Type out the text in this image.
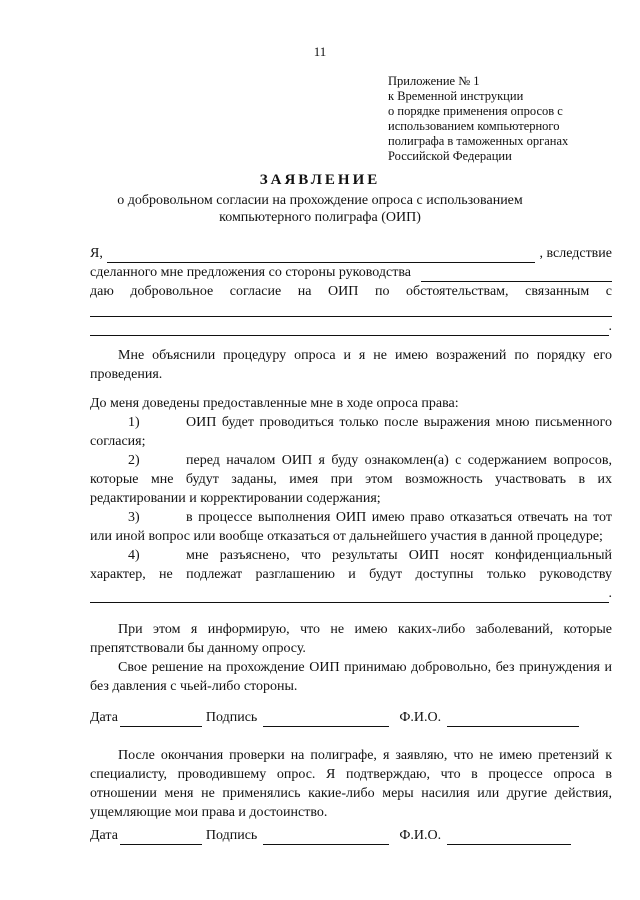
11
Приложение № 1
к Временной инструкции
о порядке применения опросов с
использованием компьютерного
полиграфа в таможенных органах
Российской Федерации
ЗАЯВЛЕНИЕ
о добровольном согласии на прохождение опроса с использованием
компьютерного полиграфа (ОИП)
Я,	, вследствие
сделанного мне предложения со стороны руководства
даю добровольное согласие на ОИП по обстоятельствам, связанным с
.
Мне объяснили процедуру опроса и я не имею возражений по порядку его проведения.
До меня доведены предоставленные мне в ходе опроса права:
1)	ОИП будет проводиться только после выражения мною письменного согласия;
2)	перед началом ОИП я буду ознакомлен(а) с содержанием вопросов, которые мне будут заданы, имея при этом возможность участвовать в их редактировании и корректировании содержания;
3)	в процессе выполнения ОИП имею право отказаться отвечать на тот или иной вопрос или вообще отказаться от дальнейшего участия в данной процедуре;
4)	мне разъяснено, что результаты ОИП носят конфиденциальный характер, не подлежат разглашению и будут доступны только руководству
.
При этом я информирую, что не имею каких-либо заболеваний, которые препятствовали бы данному опросу.
Свое решение на прохождение ОИП принимаю добровольно, без принуждения и без давления с чьей-либо стороны.
Дата	Подпись	Ф.И.О.
После окончания проверки на полиграфе, я заявляю, что не имею претензий к специалисту, проводившему опрос. Я подтверждаю, что в процессе опроса в отношении меня не применялись какие-либо меры насилия или другие действия, ущемляющие мои права и достоинство.
Дата	Подпись	Ф.И.О.
